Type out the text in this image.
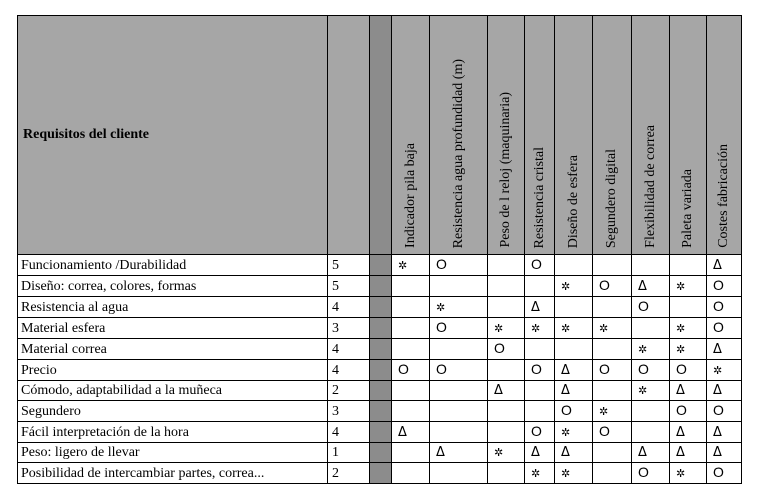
Requisitos del cliente			Indicador pila baja	Resistencia agua profundidad (m)	Peso de l reloj (maquinaria)	Resistencia cristal	Diseño de esfera	Segundero digital	Flexibilidad de correa	Paleta variada	Costes fabricación

Funcionamiento /Durabilidad	5		✲	O		O					Δ
Diseño: correa, colores, formas	5						✲	O	Δ	✲	O
Resistencia al agua	4			✲		Δ			O		O
Material esfera	3			O	✲	✲	✲	✲		✲	O
Material correa	4				O				✲	✲	Δ
Precio	4		O	O		O	Δ	O	O	O	✲
Cómodo, adaptabilidad a la muñeca	2				Δ		Δ		✲	Δ	Δ
Segundero	3						O	✲		O	O
Fácil interpretación de la hora	4		Δ			O	✲	O		Δ	Δ
Peso: ligero de llevar	1			Δ	✲	Δ	Δ		Δ	Δ	Δ
Posibilidad de intercambiar partes, correa...	2					✲	✲		O	✲	O
